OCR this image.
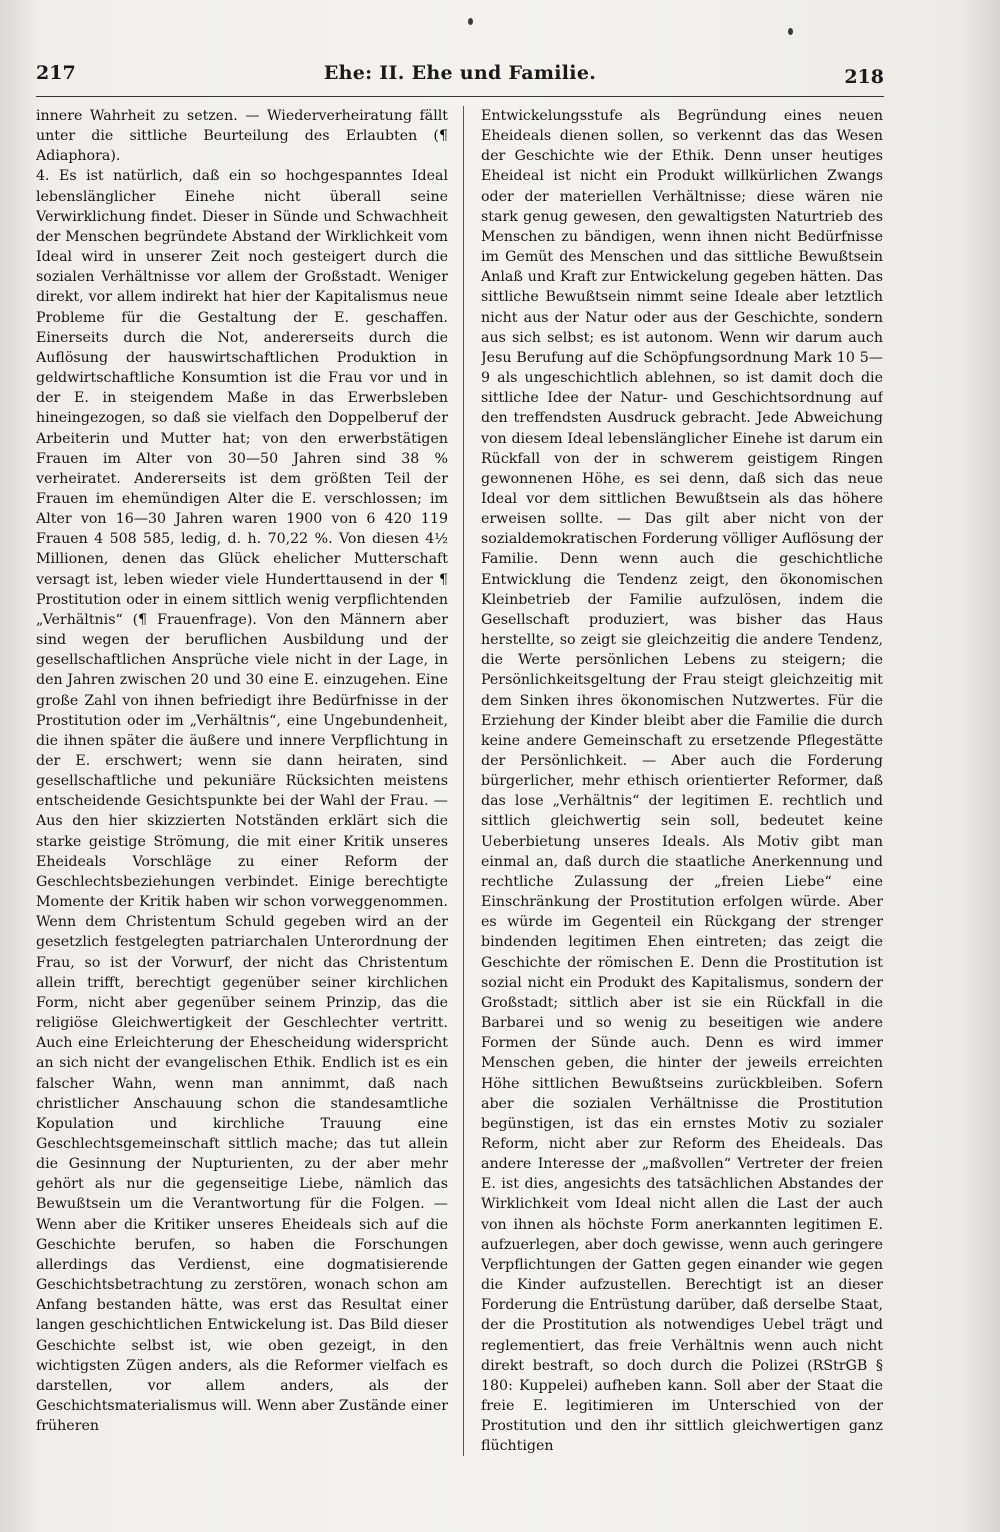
217	Ehe: II. Ehe und Familie.	218

innere Wahrheit zu setzen. — Wiederverheiratung fällt unter die sittliche Beurteilung des Erlaubten (¶ Adiaphora).
4. Es ist natürlich, daß ein so hochgespanntes Ideal lebenslänglicher Einehe nicht überall seine Verwirklichung findet. Dieser in Sünde und Schwachheit der Menschen begründete Abstand der Wirklichkeit vom Ideal wird in unserer Zeit noch gesteigert durch die sozialen Verhältnisse vor allem der Großstadt. Weniger direkt, vor allem indirekt hat hier der Kapitalismus neue Probleme für die Gestaltung der E. geschaffen. Einerseits durch die Not, andererseits durch die Auflösung der hauswirtschaftlichen Produktion in geldwirtschaftliche Konsumtion ist die Frau vor und in der E. in steigendem Maße in das Erwerbsleben hineingezogen, so daß sie vielfach den Doppelberuf der Arbeiterin und Mutter hat; von den erwerbstätigen Frauen im Alter von 30—50 Jahren sind 38 % verheiratet. Andererseits ist dem größten Teil der Frauen im ehemündigen Alter die E. verschlossen; im Alter von 16—30 Jahren waren 1900 von 6 420 119 Frauen 4 508 585, ledig, d. h. 70,22 %. Von diesen 4½ Millionen, denen das Glück ehelicher Mutterschaft versagt ist, leben wieder viele Hunderttausend in der ¶ Prostitution oder in einem sittlich wenig verpflichtenden „Verhältnis“ (¶ Frauenfrage). Von den Männern aber sind wegen der beruflichen Ausbildung und der gesellschaftlichen Ansprüche viele nicht in der Lage, in den Jahren zwischen 20 und 30 eine E. einzugehen. Eine große Zahl von ihnen befriedigt ihre Bedürfnisse in der Prostitution oder im „Verhältnis“, eine Ungebundenheit, die ihnen später die äußere und innere Verpflichtung in der E. erschwert; wenn sie dann heiraten, sind gesellschaftliche und pekuniäre Rücksichten meistens entscheidende Gesichtspunkte bei der Wahl der Frau. — Aus den hier skizzierten Notständen erklärt sich die starke geistige Strömung, die mit einer Kritik unseres Eheideals Vorschläge zu einer Reform der Geschlechtsbeziehungen verbindet. Einige berechtigte Momente der Kritik haben wir schon vorweggenommen. Wenn dem Christentum Schuld gegeben wird an der gesetzlich festgelegten patriarchalen Unterordnung der Frau, so ist der Vorwurf, der nicht das Christentum allein trifft, berechtigt gegenüber seiner kirchlichen Form, nicht aber gegenüber seinem Prinzip, das die religiöse Gleichwertigkeit der Geschlechter vertritt. Auch eine Erleichterung der Ehescheidung widerspricht an sich nicht der evangelischen Ethik. Endlich ist es ein falscher Wahn, wenn man annimmt, daß nach christlicher Anschauung schon die standesamtliche Kopulation und kirchliche Trauung eine Geschlechtsgemeinschaft sittlich mache; das tut allein die Gesinnung der Nupturienten, zu der aber mehr gehört als nur die gegenseitige Liebe, nämlich das Bewußtsein um die Verantwortung für die Folgen. — Wenn aber die Kritiker unseres Eheideals sich auf die Geschichte berufen, so haben die Forschungen allerdings das Verdienst, eine dogmatisierende Geschichtsbetrachtung zu zerstören, wonach schon am Anfang bestanden hätte, was erst das Resultat einer langen geschichtlichen Entwickelung ist. Das Bild dieser Geschichte selbst ist, wie oben gezeigt, in den wichtigsten Zügen anders, als die Reformer vielfach es darstellen, vor allem anders, als der Geschichtsmaterialismus will. Wenn aber Zustände einer früheren

Entwickelungsstufe als Begründung eines neuen Eheideals dienen sollen, so verkennt das das Wesen der Geschichte wie der Ethik. Denn unser heutiges Eheideal ist nicht ein Produkt willkürlichen Zwangs oder der materiellen Verhältnisse; diese wären nie stark genug gewesen, den gewaltigsten Naturtrieb des Menschen zu bändigen, wenn ihnen nicht Bedürfnisse im Gemüt des Menschen und das sittliche Bewußtsein Anlaß und Kraft zur Entwickelung gegeben hätten. Das sittliche Bewußtsein nimmt seine Ideale aber letztlich nicht aus der Natur oder aus der Geschichte, sondern aus sich selbst; es ist autonom. Wenn wir darum auch Jesu Berufung auf die Schöpfungsordnung Mark 10 5—9 als ungeschichtlich ablehnen, so ist damit doch die sittliche Idee der Natur- und Geschichtsordnung auf den treffendsten Ausdruck gebracht. Jede Abweichung von diesem Ideal lebenslänglicher Einehe ist darum ein Rückfall von der in schwerem geistigem Ringen gewonnenen Höhe, es sei denn, daß sich das neue Ideal vor dem sittlichen Bewußtsein als das höhere erweisen sollte. — Das gilt aber nicht von der sozialdemokratischen Forderung völliger Auflösung der Familie. Denn wenn auch die geschichtliche Entwicklung die Tendenz zeigt, den ökonomischen Kleinbetrieb der Familie aufzulösen, indem die Gesellschaft produziert, was bisher das Haus herstellte, so zeigt sie gleichzeitig die andere Tendenz, die Werte persönlichen Lebens zu steigern; die Persönlichkeitsgeltung der Frau steigt gleichzeitig mit dem Sinken ihres ökonomischen Nutzwertes. Für die Erziehung der Kinder bleibt aber die Familie die durch keine andere Gemeinschaft zu ersetzende Pflegestätte der Persönlichkeit. — Aber auch die Forderung bürgerlicher, mehr ethisch orientierter Reformer, daß das lose „Verhältnis“ der legitimen E. rechtlich und sittlich gleichwertig sein soll, bedeutet keine Ueberbietung unseres Ideals. Als Motiv gibt man einmal an, daß durch die staatliche Anerkennung und rechtliche Zulassung der „freien Liebe“ eine Einschränkung der Prostitution erfolgen würde. Aber es würde im Gegenteil ein Rückgang der strenger bindenden legitimen Ehen eintreten; das zeigt die Geschichte der römischen E. Denn die Prostitution ist sozial nicht ein Produkt des Kapitalismus, sondern der Großstadt; sittlich aber ist sie ein Rückfall in die Barbarei und so wenig zu beseitigen wie andere Formen der Sünde auch. Denn es wird immer Menschen geben, die hinter der jeweils erreichten Höhe sittlichen Bewußtseins zurückbleiben. Sofern aber die sozialen Verhältnisse die Prostitution begünstigen, ist das ein ernstes Motiv zu sozialer Reform, nicht aber zur Reform des Eheideals. Das andere Interesse der „maßvollen“ Vertreter der freien E. ist dies, angesichts des tatsächlichen Abstandes der Wirklichkeit vom Ideal nicht allen die Last der auch von ihnen als höchste Form anerkannten legitimen E. aufzuerlegen, aber doch gewisse, wenn auch geringere Verpflichtungen der Gatten gegen einander wie gegen die Kinder aufzustellen. Berechtigt ist an dieser Forderung die Entrüstung darüber, daß derselbe Staat, der die Prostitution als notwendiges Uebel trägt und reglementiert, das freie Verhältnis wenn auch nicht direkt bestraft, so doch durch die Polizei (RStrGB § 180: Kuppelei) aufheben kann. Soll aber der Staat die freie E. legitimieren im Unterschied von der Prostitution und den ihr sittlich gleichwertigen ganz flüchtigen
